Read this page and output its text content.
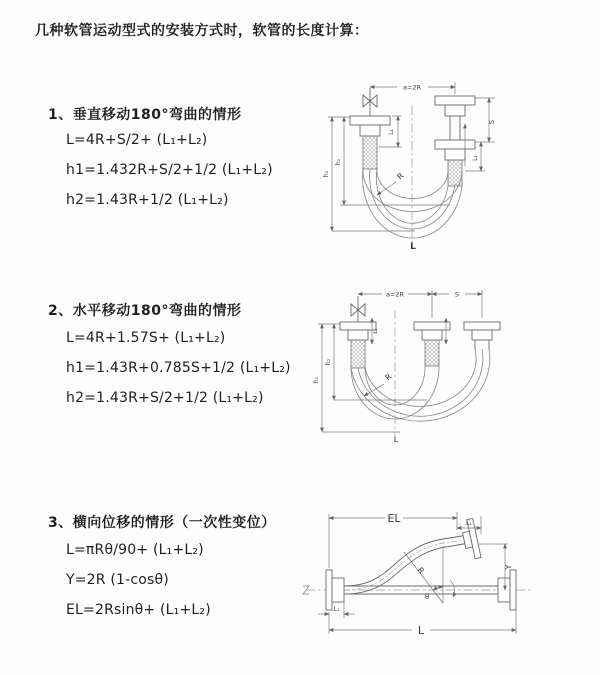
几种软管运动型式的安装方式时，软管的长度计算：
1、垂直移动180°弯曲的情形
L=4R+S/2+ (L₁+L₂)
h1=1.432R+S/2+1/2 (L₁+L₂)
h2=1.43R+1/2 (L₁+L₂)
2、水平移动180°弯曲的情形
L=4R+1.57S+ (L₁+L₂)
h1=1.43R+0.785S+1/2 (L₁+L₂)
h2=1.43R+S/2+1/2 (L₁+L₂)
3、横向位移的情形（一次性变位）
L=πRθ/90+ (L₁+L₂)
Y=2R (1-cosθ)
EL=2Rsinθ+ (L₁+L₂)
a=2R
R
L₁
h₂
h₁
S
L₁
L
a=2R	S
L₁
R
h₂
h₁
L
EL	L₁
Y
R
θ
L
L₁
